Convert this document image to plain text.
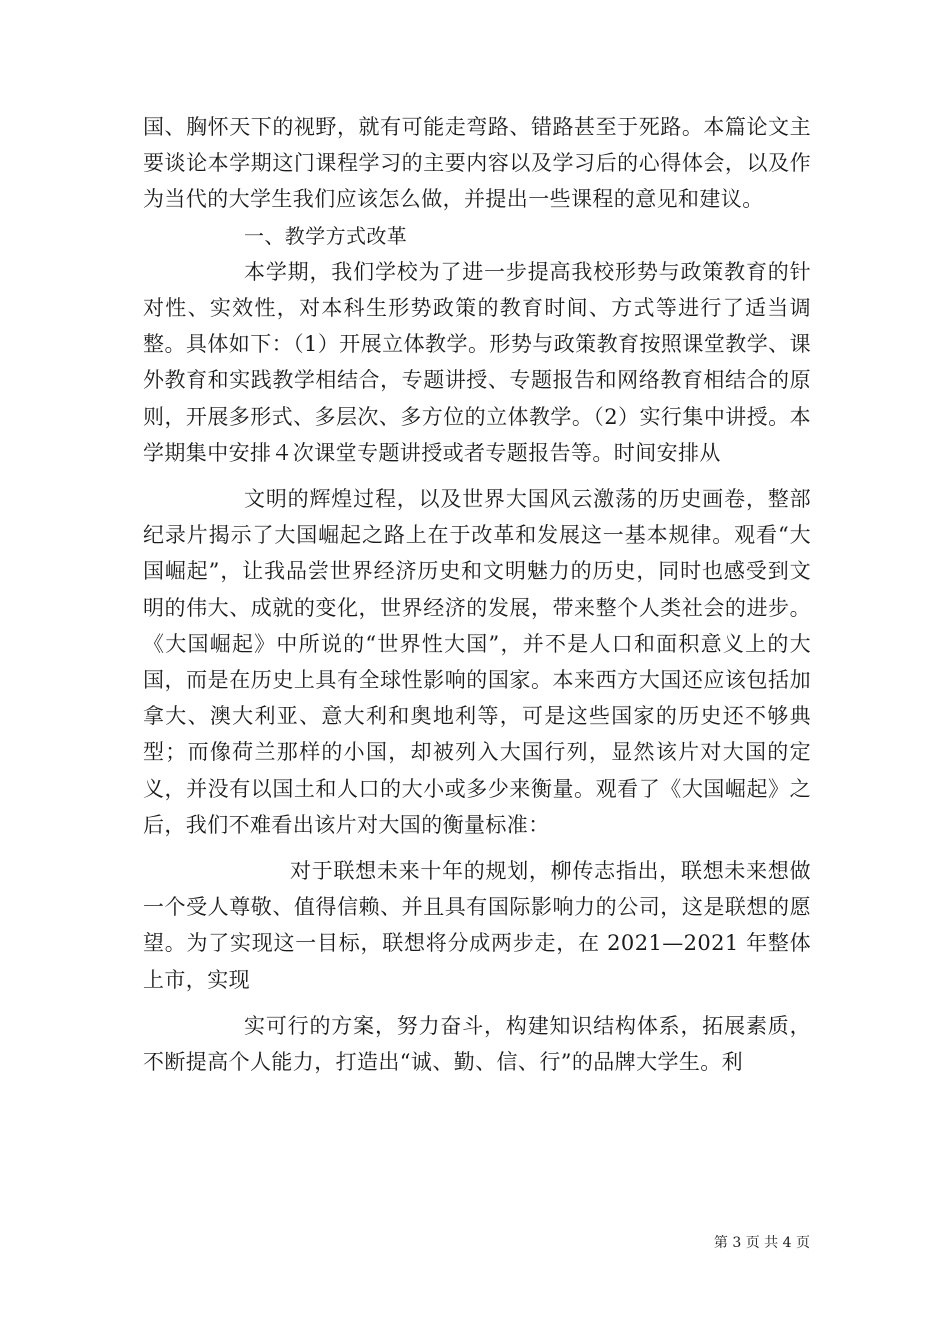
国、胸怀天下的视野，就有可能走弯路、错路甚至于死路。本篇论文主要谈论本学期这门课程学习的主要内容以及学习后的心得体会，以及作为当代的大学生我们应该怎么做，并提出一些课程的意见和建议。

一、教学方式改革

本学期，我们学校为了进一步提高我校形势与政策教育的针对性、实效性，对本科生形势政策的教育时间、方式等进行了适当调整。具体如下：（1）开展立体教学。形势与政策教育按照课堂教学、课外教育和实践教学相结合，专题讲授、专题报告和网络教育相结合的原则，开展多形式、多层次、多方位的立体教学。（2）实行集中讲授。本学期集中安排４次课堂专题讲授或者专题报告等。时间安排从

文明的辉煌过程，以及世界大国风云激荡的历史画卷，整部纪录片揭示了大国崛起之路上在于改革和发展这一基本规律。观看“大国崛起”，让我品尝世界经济历史和文明魅力的历史，同时也感受到文明的伟大、成就的变化，世界经济的发展，带来整个人类社会的进步。《大国崛起》中所说的“世界性大国”，并不是人口和面积意义上的大国，而是在历史上具有全球性影响的国家。本来西方大国还应该包括加拿大、澳大利亚、意大利和奥地利等，可是这些国家的历史还不够典型；而像荷兰那样的小国，却被列入大国行列，显然该片对大国的定义，并没有以国土和人口的大小或多少来衡量。观看了《大国崛起》之后，我们不难看出该片对大国的衡量标准：

对于联想未来十年的规划，柳传志指出，联想未来想做一个受人尊敬、值得信赖、并且具有国际影响力的公司，这是联想的愿望。为了实现这一目标，联想将分成两步走，在 2021—2021 年整体上市，实现

实可行的方案，努力奋斗，构建知识结构体系，拓展素质，不断提高个人能力，打造出“诚、勤、信、行”的品牌大学生。利

第 3 页 共 4 页
